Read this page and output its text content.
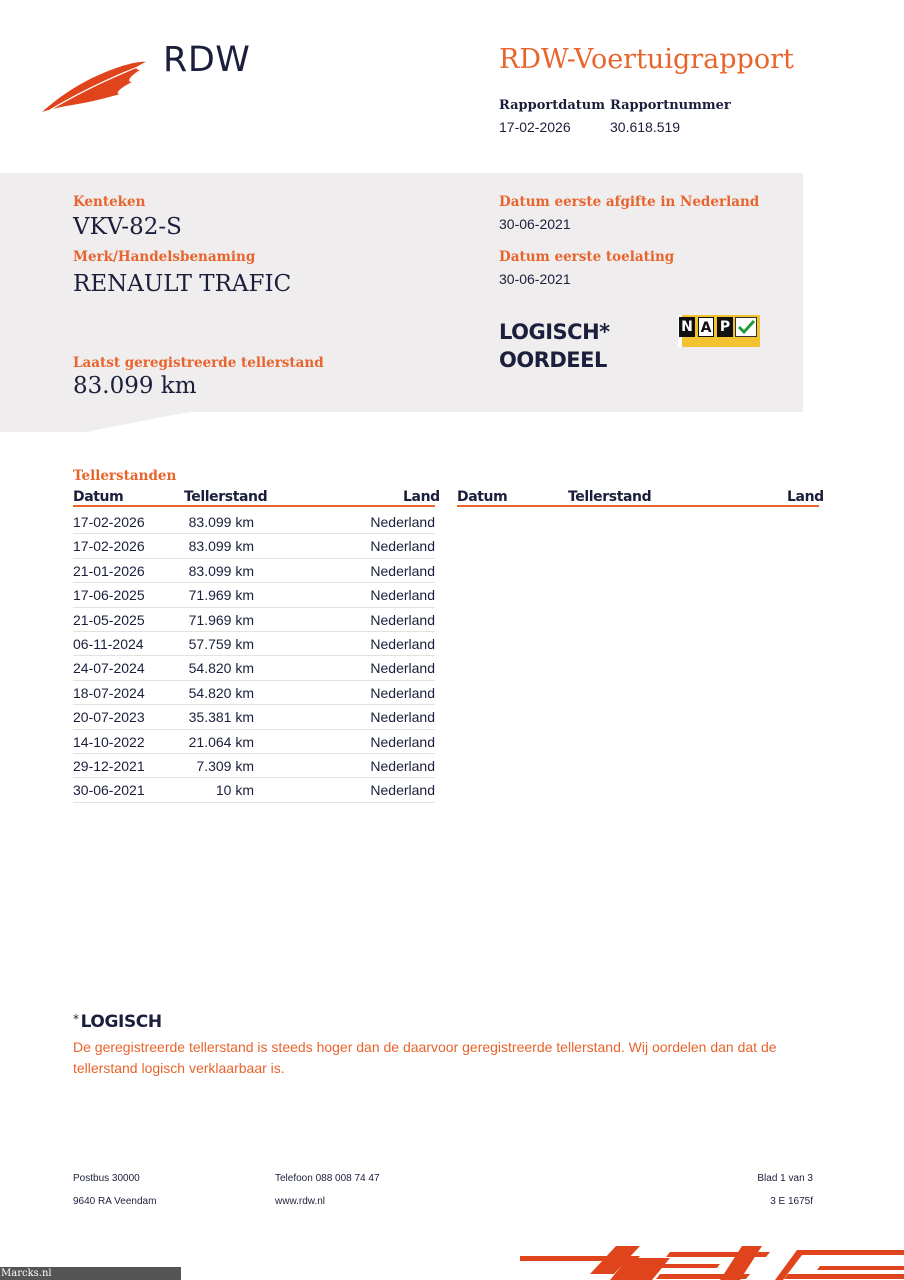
RDW	RDW-Voertuigrapport
Rapportdatum
17-02-2026
Rapportnummer
30.618.519
Kenteken
VKV-82-S
Merk/Handelsbenaming
RENAULT TRAFIC
Laatst geregistreerde tellerstand
83.099 km
Datum eerste afgifte in Nederland
30-06-2021
Datum eerste toelating
30-06-2021
LOGISCH*
OORDEEL
N A P
Tellerstanden
Datum	Tellerstand	Land Datum	Tellerstand	Land
17-02-2026	83.099 km	Nederland
17-02-2026	83.099 km	Nederland
21-01-2026	83.099 km	Nederland
17-06-2025	71.969 km	Nederland
21-05-2025	71.969 km	Nederland
06-11-2024	57.759 km	Nederland
24-07-2024	54.820 km	Nederland
18-07-2024	54.820 km	Nederland
20-07-2023	35.381 km	Nederland
14-10-2022	21.064 km	Nederland
29-12-2021	7.309 km	Nederland
30-06-2021	10 km	Nederland
* LOGISCH
De geregistreerde tellerstand is steeds hoger dan de daarvoor geregistreerde tellerstand. Wij oordelen dan dat de tellerstand logisch verklaarbaar is.
Postbus 30000
9640 RA Veendam
Telefoon 088 008 74 47
www.rdw.nl
Blad 1 van 3
3 E 1675f
Marcks.nl
